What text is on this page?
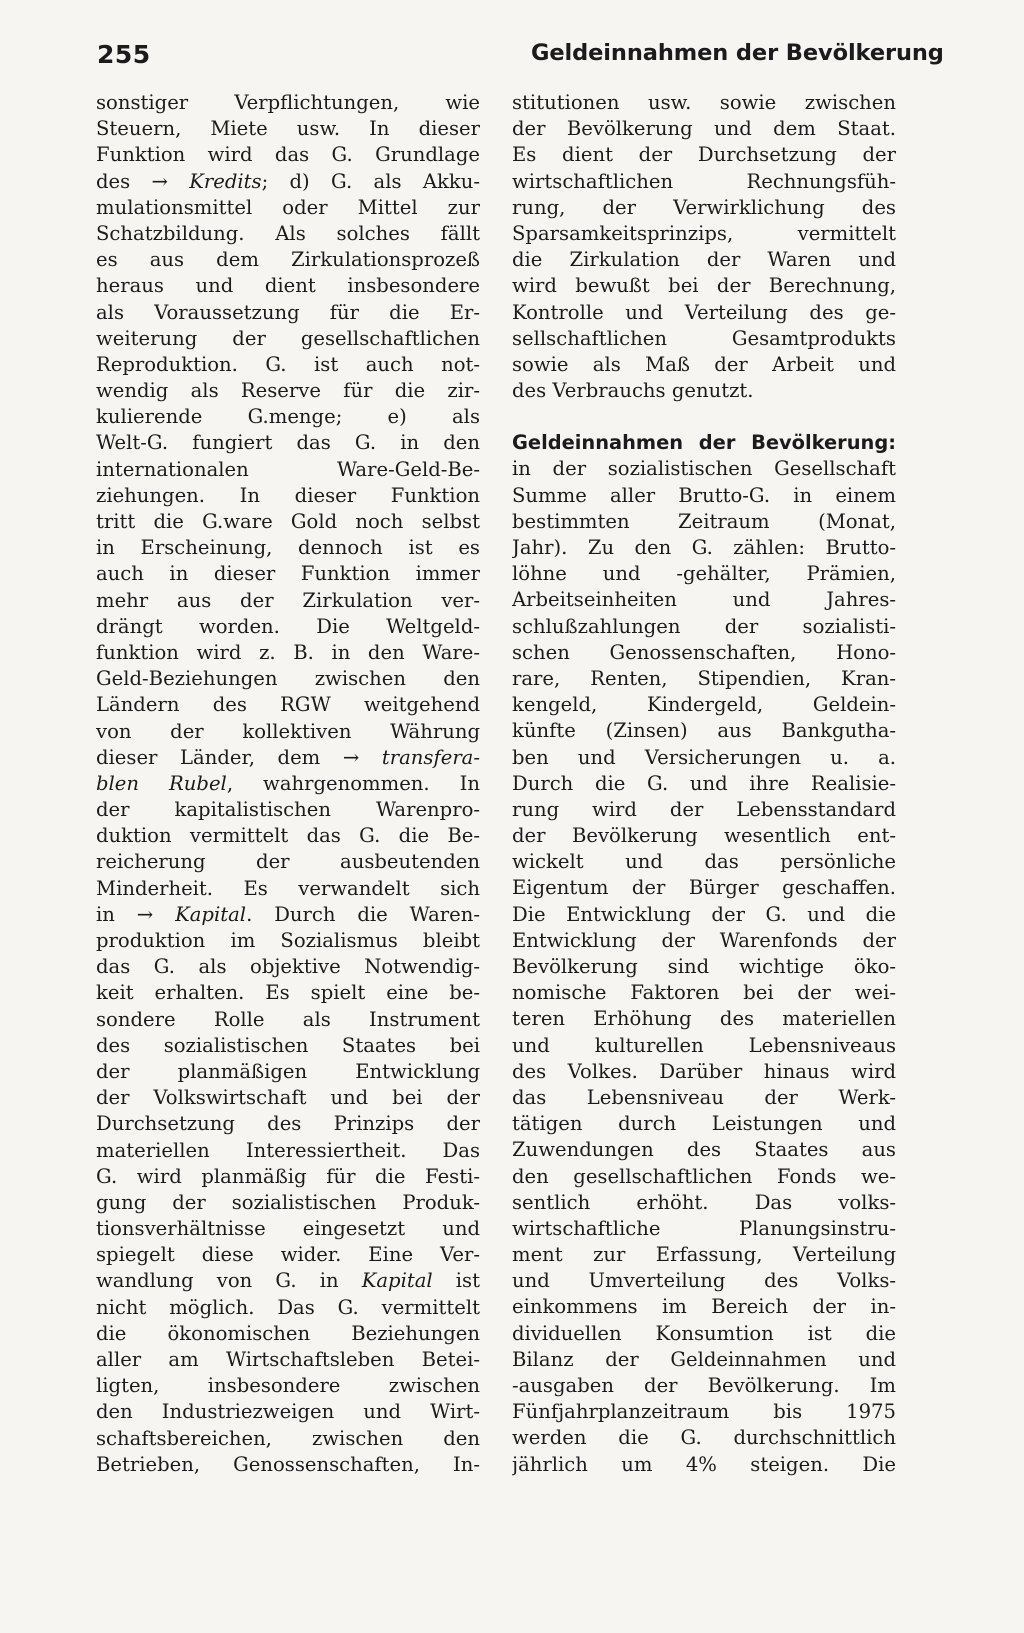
255	Geldeinnahmen der Bevölkerung
sonstiger Verpflichtungen, wie
Steuern, Miete usw. In dieser
Funktion wird das G. Grundlage
des → Kredits; d) G. als Akku-
mulationsmittel oder Mittel zur
Schatzbildung. Als solches fällt
es aus dem Zirkulationsprozeß
heraus und dient insbesondere
als Voraussetzung für die Er-
weiterung der gesellschaftlichen
Reproduktion. G. ist auch not-
wendig als Reserve für die zir-
kulierende G.menge; e) als
Welt-G. fungiert das G. in den
internationalen Ware-Geld-Be-
ziehungen. In dieser Funktion
tritt die G.ware Gold noch selbst
in Erscheinung, dennoch ist es
auch in dieser Funktion immer
mehr aus der Zirkulation ver-
drängt worden. Die Weltgeld-
funktion wird z. B. in den Ware-
Geld-Beziehungen zwischen den
Ländern des RGW weitgehend
von der kollektiven Währung
dieser Länder, dem → transfera-
blen Rubel, wahrgenommen. In
der kapitalistischen Warenpro-
duktion vermittelt das G. die Be-
reicherung der ausbeutenden
Minderheit. Es verwandelt sich
in → Kapital. Durch die Waren-
produktion im Sozialismus bleibt
das G. als objektive Notwendig-
keit erhalten. Es spielt eine be-
sondere Rolle als Instrument
des sozialistischen Staates bei
der planmäßigen Entwicklung
der Volkswirtschaft und bei der
Durchsetzung des Prinzips der
materiellen Interessiertheit. Das
G. wird planmäßig für die Festi-
gung der sozialistischen Produk-
tionsverhältnisse eingesetzt und
spiegelt diese wider. Eine Ver-
wandlung von G. in Kapital ist
nicht möglich. Das G. vermittelt
die ökonomischen Beziehungen
aller am Wirtschaftsleben Betei-
ligten, insbesondere zwischen
den Industriezweigen und Wirt-
schaftsbereichen, zwischen den
Betrieben, Genossenschaften, In-
stitutionen usw. sowie zwischen
der Bevölkerung und dem Staat.
Es dient der Durchsetzung der
wirtschaftlichen Rechnungsfüh-
rung, der Verwirklichung des
Sparsamkeitsprinzips, vermittelt
die Zirkulation der Waren und
wird bewußt bei der Berechnung,
Kontrolle und Verteilung des ge-
sellschaftlichen Gesamtprodukts
sowie als Maß der Arbeit und
des Verbrauchs genutzt.
Geldeinnahmen der Bevölkerung:
in der sozialistischen Gesellschaft
Summe aller Brutto-G. in einem
bestimmten Zeitraum (Monat,
Jahr). Zu den G. zählen: Brutto-
löhne und -gehälter, Prämien,
Arbeitseinheiten und Jahres-
schlußzahlungen der sozialisti-
schen Genossenschaften, Hono-
rare, Renten, Stipendien, Kran-
kengeld, Kindergeld, Geldein-
künfte (Zinsen) aus Bankgutha-
ben und Versicherungen u. a.
Durch die G. und ihre Realisie-
rung wird der Lebensstandard
der Bevölkerung wesentlich ent-
wickelt und das persönliche
Eigentum der Bürger geschaffen.
Die Entwicklung der G. und die
Entwicklung der Warenfonds der
Bevölkerung sind wichtige öko-
nomische Faktoren bei der wei-
teren Erhöhung des materiellen
und kulturellen Lebensniveaus
des Volkes. Darüber hinaus wird
das Lebensniveau der Werk-
tätigen durch Leistungen und
Zuwendungen des Staates aus
den gesellschaftlichen Fonds we-
sentlich erhöht. Das volks-
wirtschaftliche Planungsinstru-
ment zur Erfassung, Verteilung
und Umverteilung des Volks-
einkommens im Bereich der in-
dividuellen Konsumtion ist die
Bilanz der Geldeinnahmen und
-ausgaben der Bevölkerung. Im
Fünfjahrplanzeitraum bis 1975
werden die G. durchschnittlich
jährlich um 4% steigen. Die
